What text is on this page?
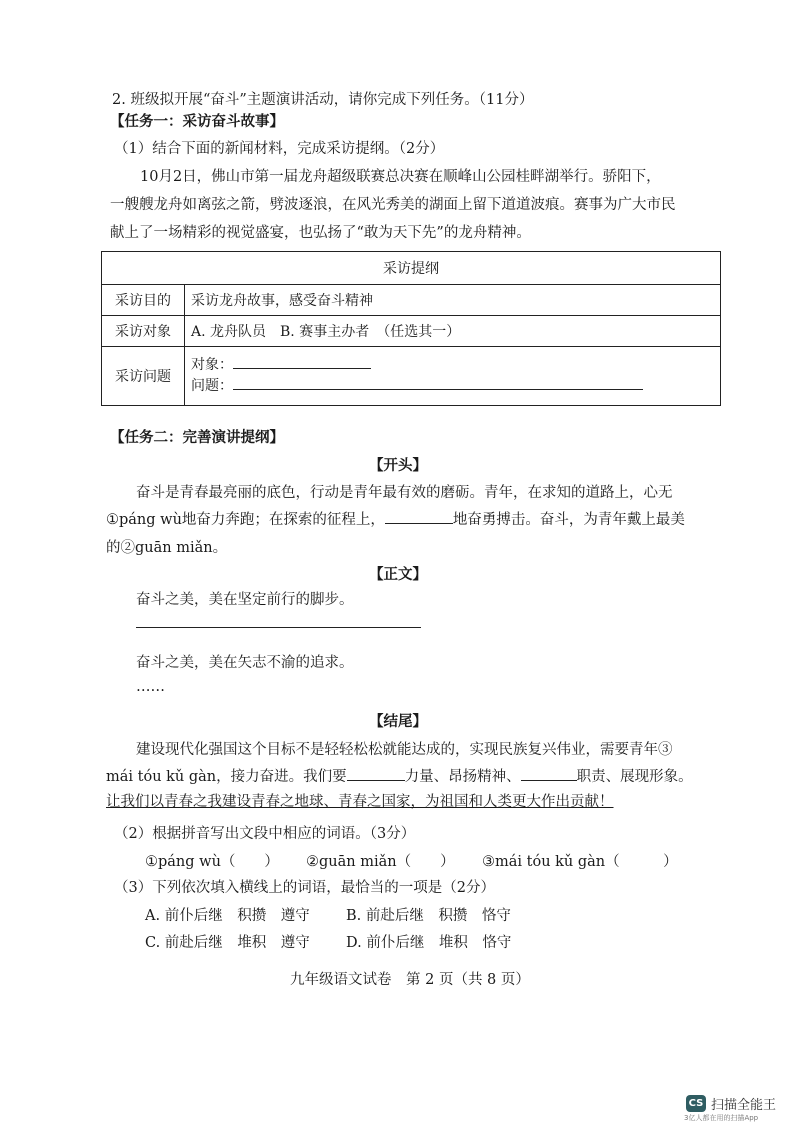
2. 班级拟开展“奋斗”主题演讲活动，请你完成下列任务。（11分）
【任务一：采访奋斗故事】
（1）结合下面的新闻材料，完成采访提纲。（2分）
10月2日，佛山市第一届龙舟超级联赛总决赛在顺峰山公园桂畔湖举行。骄阳下，
一艘艘龙舟如离弦之箭，劈波逐浪，在风光秀美的湖面上留下道道波痕。赛事为广大市民
献上了一场精彩的视觉盛宴，也弘扬了“敢为天下先”的龙舟精神。
采访提纲	
采访目的	采访龙舟故事，感受奋斗精神
采访对象	A. 龙舟队员　B. 赛事主办者　（任选其一）
采访问题	对象：
问题：
【任务二：完善演讲提纲】
【开头】
奋斗是青春最亮丽的底色，行动是青年最有效的磨砺。青年，在求知的道路上，心无
①páng wù地奋力奔跑；在探索的征程上，	地奋勇搏击。奋斗，为青年戴上最美
的②guān miǎn。
【正文】
奋斗之美，美在坚定前行的脚步。
奋斗之美，美在矢志不渝的追求。
……
【结尾】
建设现代化强国这个目标不是轻轻松松就能达成的，实现民族复兴伟业，需要青年③
mái tóu kǔ gàn，接力奋进。我们要	力量、昂扬精神、	职责、展现形象。
让我们以青春之我建设青春之地球、青春之国家，为祖国和人类更大作出贡献！
（2）根据拼音写出文段中相应的词语。（3分）
①páng wù（　　） ②guān miǎn（　　） ③mái tóu kǔ gàn（　　　）
（3）下列依次填入横线上的词语，最恰当的一项是（2分）
A. 前仆后继　积攒　遵守	B. 前赴后继　积攒　恪守
C. 前赴后继　堆积　遵守 D. 前仆后继　堆积　恪守
九年级语文试卷　第 2 页（共 8 页）
CS 扫描全能王
3亿人都在用的扫描App
